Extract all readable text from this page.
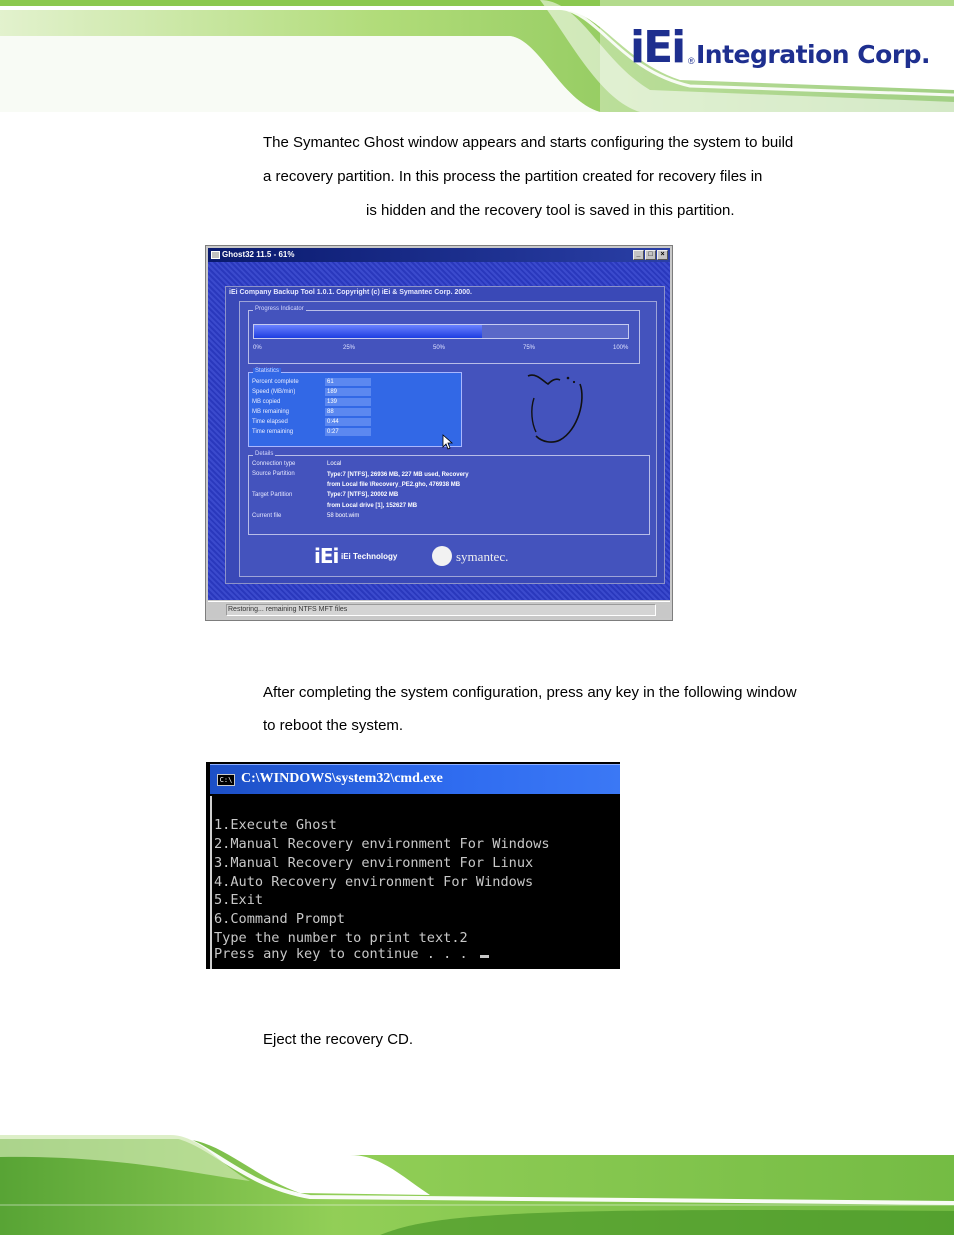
iEi ® Integration Corp.
The Symantec Ghost window appears and starts configuring the system to build
a recovery partition. In this process the partition created for recovery files in
is hidden and the recovery tool is saved in this partition.
Ghost32 11.5 - 61%	_	□	×
iEi Company Backup Tool 1.0.1. Copyright (c) iEi & Symantec Corp. 2000.
Progress Indicator
0%	25%	50%	75%	100%
Statistics
Percent complete	61
Speed (MB/min)	189
MB copied	139
MB remaining	88
Time elapsed	0:44
Time remaining	0:27
Details
Connection type	Local
Source Partition	Type:7 [NTFS], 26936 MB, 227 MB used, Recovery
from Local file \Recovery_PE2.gho, 476938 MB
Target Partition	Type:7 [NTFS], 20002 MB
from Local drive [1], 152627 MB
Current file	58 boot.wim
iEi iEi Technology	symantec.
Restoring... remaining NTFS MFT files
After completing the system configuration, press any key in the following window
to reboot the system.
C:\ C:\WINDOWS\system32\cmd.exe
1.Execute Ghost
2.Manual Recovery environment For Windows
3.Manual Recovery environment For Linux
4.Auto Recovery environment For Windows
5.Exit
6.Command Prompt
Type the number to print text.2
Press any key to continue . . .
Eject the recovery CD.
